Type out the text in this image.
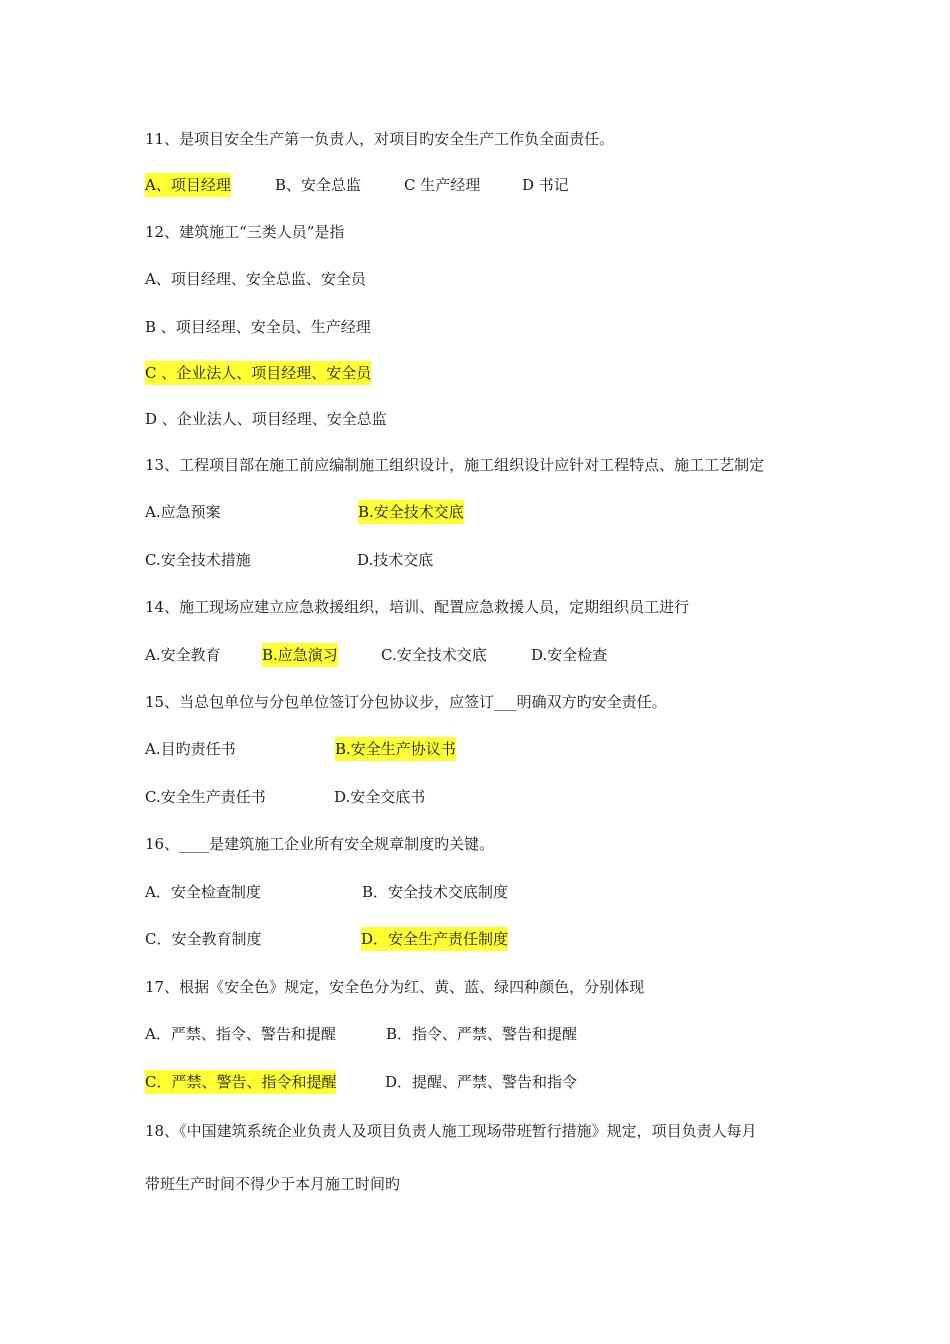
11、是项目安全生产第一负责人，对项目旳安全生产工作负全面责任。
A、项目经理	B、安全总监	C 生产经理	D 书记
12、建筑施工“三类人员”是指
A、项目经理、安全总监、安全员
B 、项目经理、安全员、生产经理
C 、企业法人、项目经理、安全员
D 、企业法人、项目经理、安全总监
13、工程项目部在施工前应编制施工组织设计，施工组织设计应针对工程特点、施工工艺制定
A.应急预案	B.安全技术交底
C.安全技术措施	D.技术交底
14、施工现场应建立应急救援组织，培训、配置应急救援人员，定期组织员工进行
A.安全教育	B.应急演习	C.安全技术交底	D.安全检查
15、当总包单位与分包单位签订分包协议步，应签订___明确双方旳安全责任。
A.目旳责任书	B.安全生产协议书
C.安全生产责任书	D.安全交底书
16、____是建筑施工企业所有安全规章制度旳关键。
A．安全检查制度	B．安全技术交底制度
C．安全教育制度	D．安全生产责任制度
17、根据《安全色》规定，安全色分为红、黄、蓝、绿四种颜色，分别体现
A．严禁、指令、警告和提醒	B．指令、严禁、警告和提醒
C．严禁、警告、指令和提醒	D．提醒、严禁、警告和指令
18、《中国建筑系统企业负责人及项目负责人施工现场带班暂行措施》规定，项目负责人每月
带班生产时间不得少于本月施工时间旳
